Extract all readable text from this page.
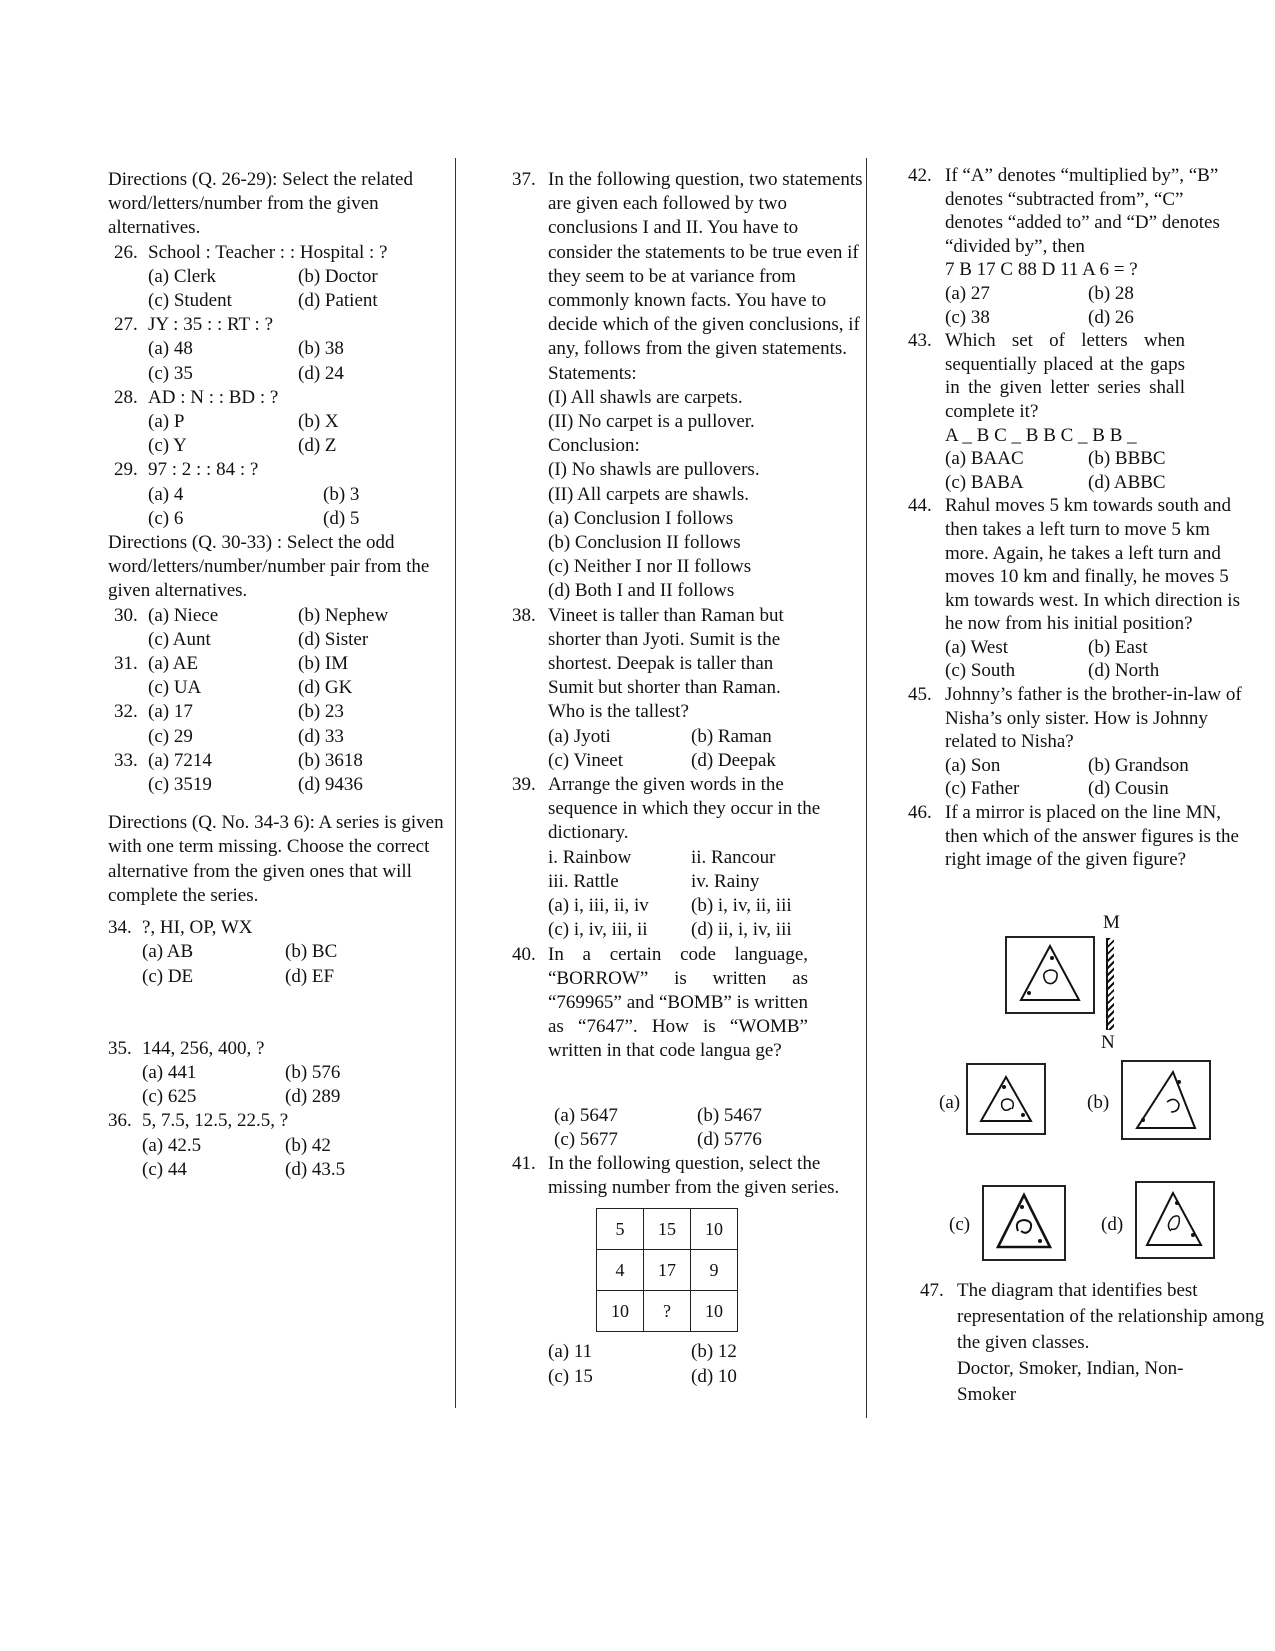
Directions (Q. 26-29): Select the related word/letters/number from the given alternatives.

26. School : Teacher : : Hospital : ?
(a) Clerk	(b) Doctor
(c) Student	(d) Patient
27. JY : 35 : : RT : ?
(a) 48	(b) 38
(c) 35	(d) 24
28. AD : N : : BD : ?
(a) P	(b) X
(c) Y	(d) Z
29. 97 : 2 : : 84 : ?
(a) 4	(b) 3
(c) 6	(d) 5

Directions (Q. 30-33) : Select the odd word/letters/number/number pair from the given alternatives.

30. (a) Niece	(b) Nephew
(c) Aunt	(d) Sister
31. (a) AE	(b) IM
(c) UA	(d) GK
32. (a) 17	(b) 23
(c) 29	(d) 33
33. (a) 7214	(b) 3618
(c) 3519	(d) 9436

Directions (Q. No. 34-3 6): A series is given with one term missing. Choose the correct alternative from the given ones that will complete the series.

34. ?, HI, OP, WX
(a) AB	(b) BC
(c) DE	(d) EF
35. 144, 256, 400, ?
(a) 441	(b) 576
(c) 625	(d) 289
36. 5, 7.5, 12.5, 22.5, ?
(a) 42.5	(b) 42
(c) 44	(d) 43.5
37. In the following question, two statements are given each followed by two conclusions I and II. You have to consider the statements to be true even if they seem to be at variance from commonly known facts. You have to decide which of the given conclusions, if any, follows from the given statements.
Statements:
(I) All shawls are carpets.
(II) No carpet is a pullover.
Conclusion:
(I) No shawls are pullovers.
(II) All carpets are shawls.
(a) Conclusion I follows
(b) Conclusion II follows
(c) Neither I nor II follows
(d) Both I and II follows
38. Vineet is taller than Raman but shorter than Jyoti. Sumit is the shortest. Deepak is taller than Sumit but shorter than Raman. Who is the tallest?
(a) Jyoti	(b) Raman
(c) Vineet	(d) Deepak
39. Arrange the given words in the sequence in which they occur in the dictionary.
i. Rainbow	ii. Rancour
iii. Rattle	iv. Rainy
(a) i, iii, ii, iv	(b) i, iv, ii, iii
(c) i, iv, iii, ii	(d) ii, i, iv, iii
40. In a certain code language, “BORROW” is written as “769965” and “BOMB” is written as “7647”. How is “WOMB” written in that code langua ge?
(a) 5647	(b) 5467
(c) 5677	(d) 5776
41. In the following question, select the missing number from the given series.
5	15	10
4	17	9
10	?	10
(a) 11	(b) 12
(c) 15	(d) 10
42. If “A” denotes “multiplied by”, “B” denotes “subtracted from”, “C” denotes “added to” and “D” denotes “divided by”, then
7 B 17 C 88 D 11 A 6 = ?
(a) 27	(b) 28
(c) 38	(d) 26
43. Which set of letters when sequentially placed at the gaps in the given letter series shall complete it?
A _ B C _ B B C _ B B _
(a) BAAC	(b) BBBC
(c) BABA	(d) ABBC
44. Rahul moves 5 km towards south and then takes a left turn to move 5 km more. Again, he takes a left turn and moves 10 km and finally, he moves 5 km towards west. In which direction is he now from his initial position?
(a) West	(b) East
(c) South	(d) North
45. Johnny’s father is the brother-in-law of Nisha’s only sister. How is Johnny related to Nisha?
(a) Son	(b) Grandson
(c) Father	(d) Cousin
46. If a mirror is placed on the line MN, then which of the answer figures is the right image of the given figure?
M
N
(a)	(b)
(c)	(d)
47. The diagram that identifies best representation of the relationship among the given classes.
Doctor, Smoker, Indian, Non-Smoker
